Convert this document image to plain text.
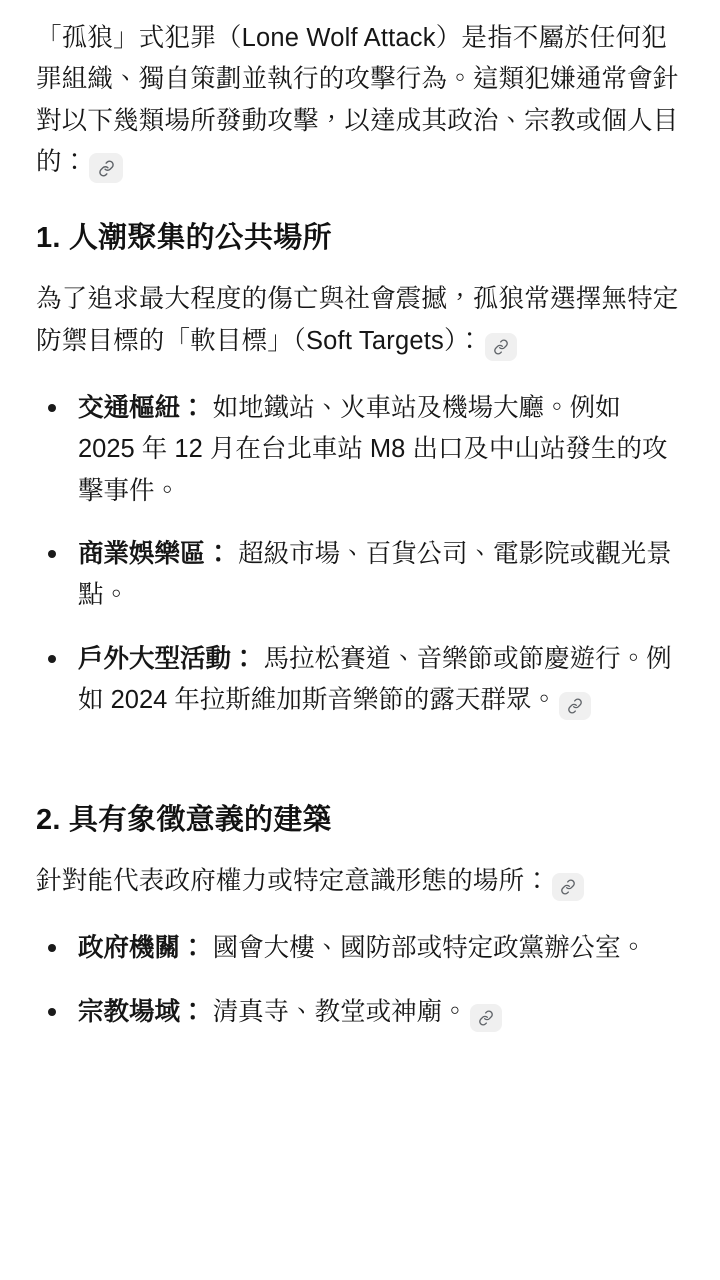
「孤狼」式犯罪（Lone Wolf Attack）是指不屬於任何犯罪組織、獨自策劃並執行的攻擊行為。這類犯嫌通常會針對以下幾類場所發動攻擊，以達成其政治、宗教或個人目的：

1. 人潮聚集的公共場所

為了追求最大程度的傷亡與社會震撼，孤狼常選擇無特定防禦目標的「軟目標」（Soft Targets）：

交通樞紐： 如地鐵站、火車站及機場大廳。例如 2025 年 12 月在台北車站 M8 出口及中山站發生的攻擊事件。
商業娛樂區： 超級市場、百貨公司、電影院或觀光景點。
戶外大型活動： 馬拉松賽道、音樂節或節慶遊行。例如 2024 年拉斯維加斯音樂節的露天群眾。
2. 具有象徵意義的建築

針對能代表政府權力或特定意識形態的場所：

政府機關： 國會大樓、國防部或特定政黨辦公室。
宗教場域： 清真寺、教堂或神廟。
